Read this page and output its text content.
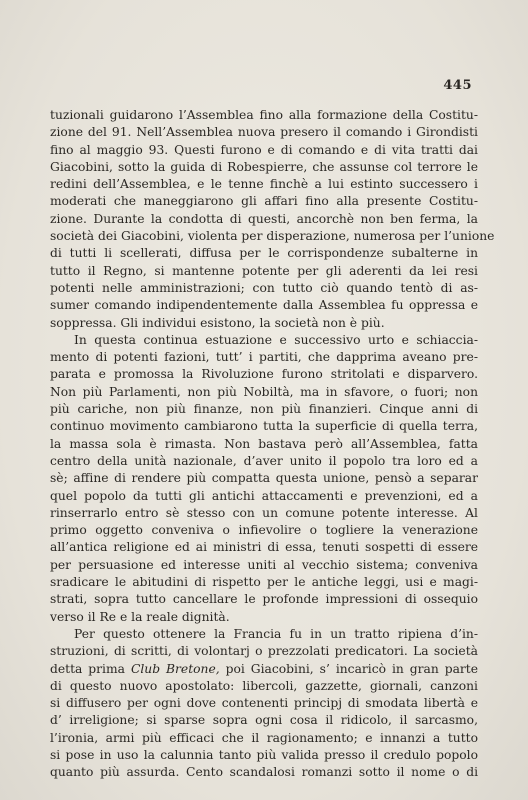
445
tuzionali guidarono l’Assemblea fino alla formazione della Costitu-
zione del 91. Nell’Assemblea nuova presero il comando i Girondisti
fino al maggio 93. Questi furono e di comando e di vita tratti dai
Giacobini, sotto la guida di Robespierre, che assunse col terrore le
redini dell’Assemblea, e le tenne finchè a lui estinto successero i
moderati che maneggiarono gli affari fino alla presente Costitu-
zione. Durante la condotta di questi, ancorchè non ben ferma, la
società dei Giacobini, violenta per disperazione, numerosa per l’unione
di tutti li scellerati, diffusa per le corrispondenze subalterne in
tutto il Regno, si mantenne potente per gli aderenti da lei resi
potenti nelle amministrazioni; con tutto ciò quando tentò di as-
sumer comando indipendentemente dalla Assemblea fu oppressa e
soppressa. Gli individui esistono, la società non è più.
In questa continua estuazione e successivo urto e schiaccia-
mento di potenti fazioni, tutt’ i partiti, che dapprima aveano pre-
parata e promossa la Rivoluzione furono stritolati e disparvero.
Non più Parlamenti, non più Nobiltà, ma in sfavore, o fuori; non
più cariche, non più finanze, non più finanzieri. Cinque anni di
continuo movimento cambiarono tutta la superficie di quella terra,
la massa sola è rimasta. Non bastava però all’Assemblea, fatta
centro della unità nazionale, d’aver unito il popolo tra loro ed a
sè; affine di rendere più compatta questa unione, pensò a separar
quel popolo da tutti gli antichi attaccamenti e prevenzioni, ed a
rinserrarlo entro sè stesso con un comune potente interesse. Al
primo oggetto conveniva o infievolire o togliere la venerazione
all’antica religione ed ai ministri di essa, tenuti sospetti di essere
per persuasione ed interesse uniti al vecchio sistema; conveniva
sradicare le abitudini di rispetto per le antiche leggi, usi e magi-
strati, sopra tutto cancellare le profonde impressioni di ossequio
verso il Re e la reale dignità.
Per questo ottenere la Francia fu in un tratto ripiena d’in-
struzioni, di scritti, di volontarj o prezzolati predicatori. La società
detta prima Club Bretone, poi Giacobini, s’ incaricò in gran parte
di questo nuovo apostolato: libercoli, gazzette, giornali, canzoni
si diffusero per ogni dove contenenti principj di smodata libertà e
d’ irreligione; si sparse sopra ogni cosa il ridicolo, il sarcasmo,
l’ironia, armi più efficaci che il ragionamento; e innanzi a tutto
si pose in uso la calunnia tanto più valida presso il credulo popolo
quanto più assurda. Cento scandalosi romanzi sotto il nome o di
